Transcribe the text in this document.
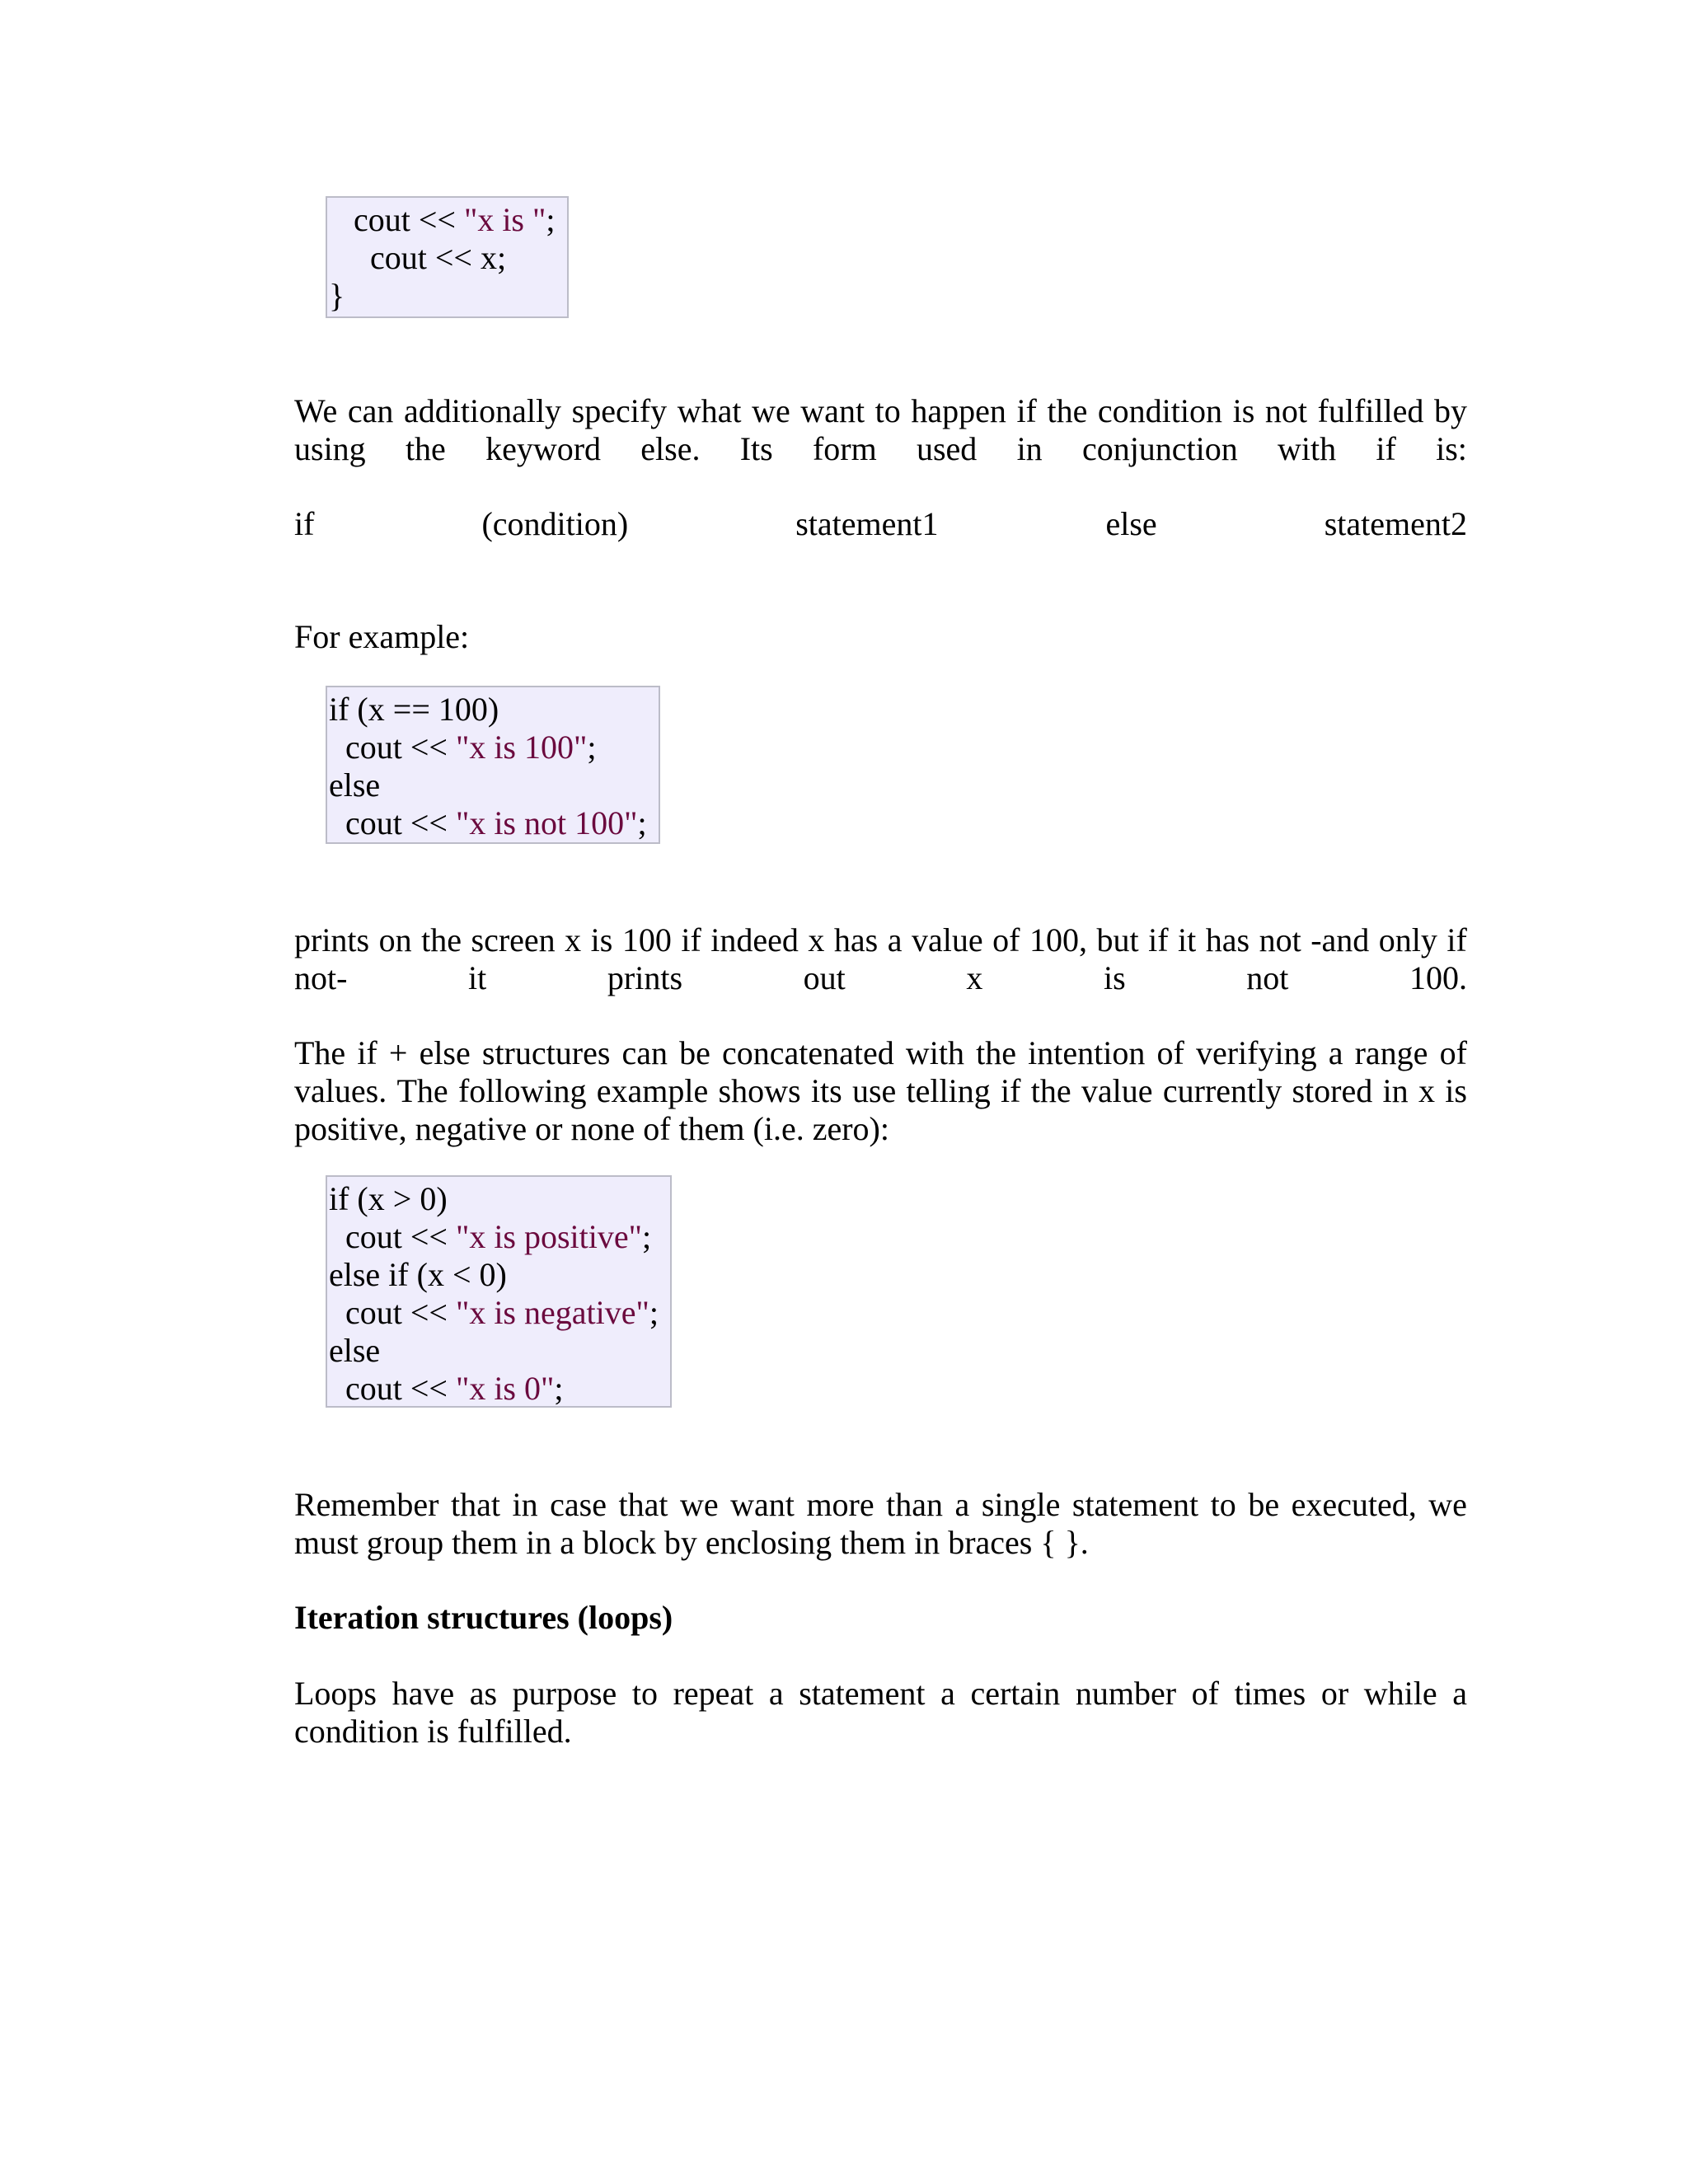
cout << "x is ";
cout << x;
}
We can additionally specify what we want to happen if the condition is not fulfilled by
using the keyword else. Its form used in conjunction with if is:
if	(condition)	statement1	else	statement2
For example:
if (x == 100)
cout << "x is 100";
else
cout << "x is not 100";
prints on the screen x is 100 if indeed x has a value of 100, but if it has not -and only if
not-	it	prints	out	x	is	not	100.
The if + else structures can be concatenated with the intention of verifying a range of
values. The following example shows its use telling if the value currently stored in x is
positive, negative or none of them (i.e. zero):
if (x > 0)
cout << "x is positive";
else if (x < 0)
cout << "x is negative";
else
cout << "x is 0";
Remember that in case that we want more than a single statement to be executed, we
must group them in a block by enclosing them in braces { }.
Iteration structures (loops)
Loops have as purpose to repeat a statement a certain number of times or while a
condition is fulfilled.
